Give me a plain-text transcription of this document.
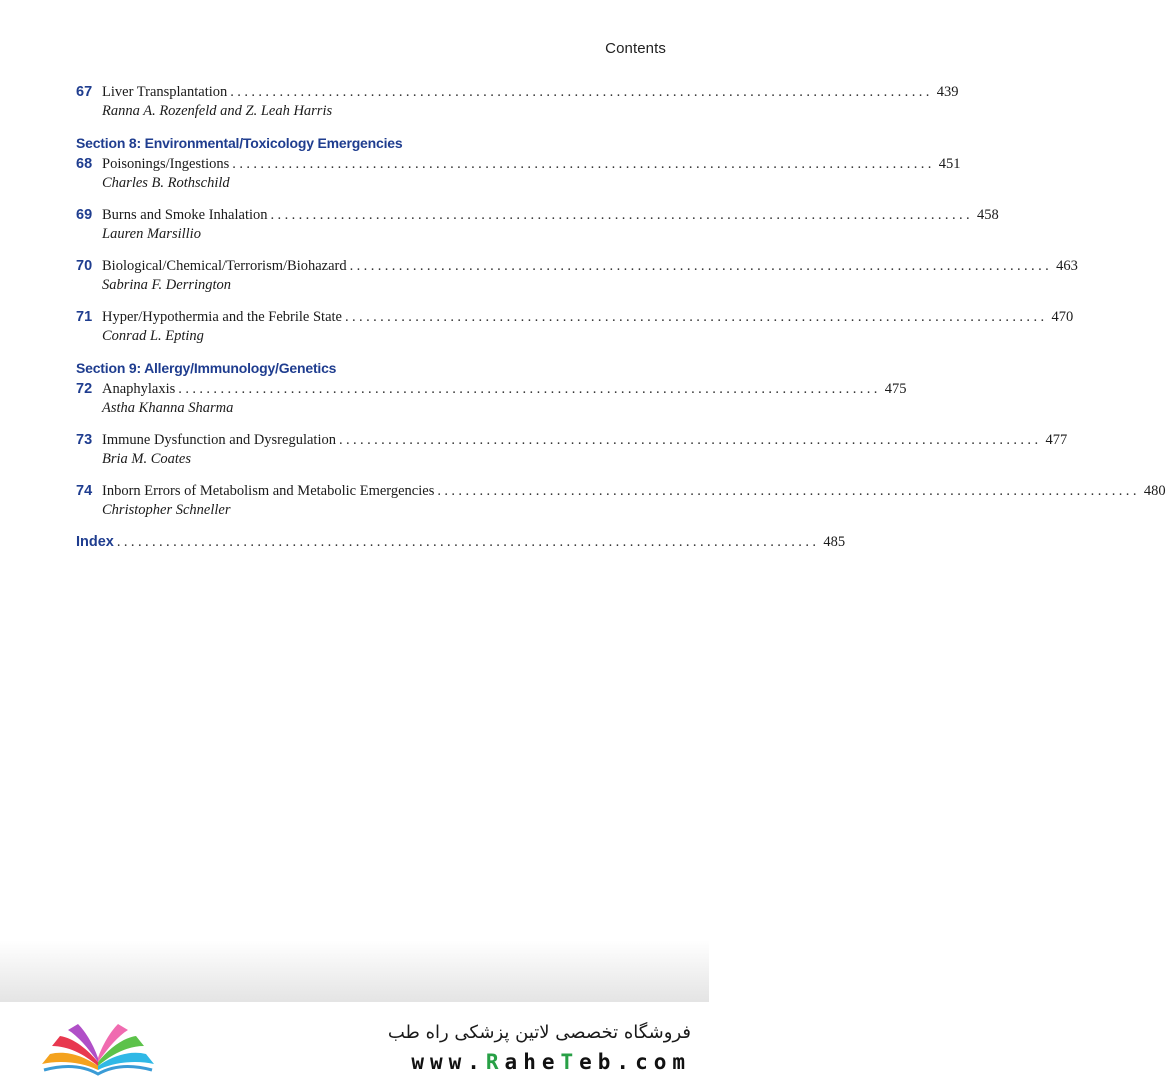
Contents
67 Liver Transplantation .................................................................................................... 439
Ranna A. Rozenfeld and Z. Leah Harris
Section 8: Environmental/Toxicology Emergencies
68 Poisonings/Ingestions .................................................................................................... 451
Charles B. Rothschild
69 Burns and Smoke Inhalation .................................................................................................... 458
Lauren Marsillio
70 Biological/Chemical/Terrorism/Biohazard .................................................................................................... 463
Sabrina F. Derrington
71 Hyper/Hypothermia and the Febrile State .................................................................................................... 470
Conrad L. Epting
Section 9: Allergy/Immunology/Genetics
72 Anaphylaxis .................................................................................................... 475
Astha Khanna Sharma
73 Immune Dysfunction and Dysregulation .................................................................................................... 477
Bria M. Coates
74 Inborn Errors of Metabolism and Metabolic Emergencies .................................................................................................... 480
Christopher Schneller
Index .................................................................................................... 485
فروشگاه تخصصی لاتین پزشکی راه طب
www.RaheTeb.com
